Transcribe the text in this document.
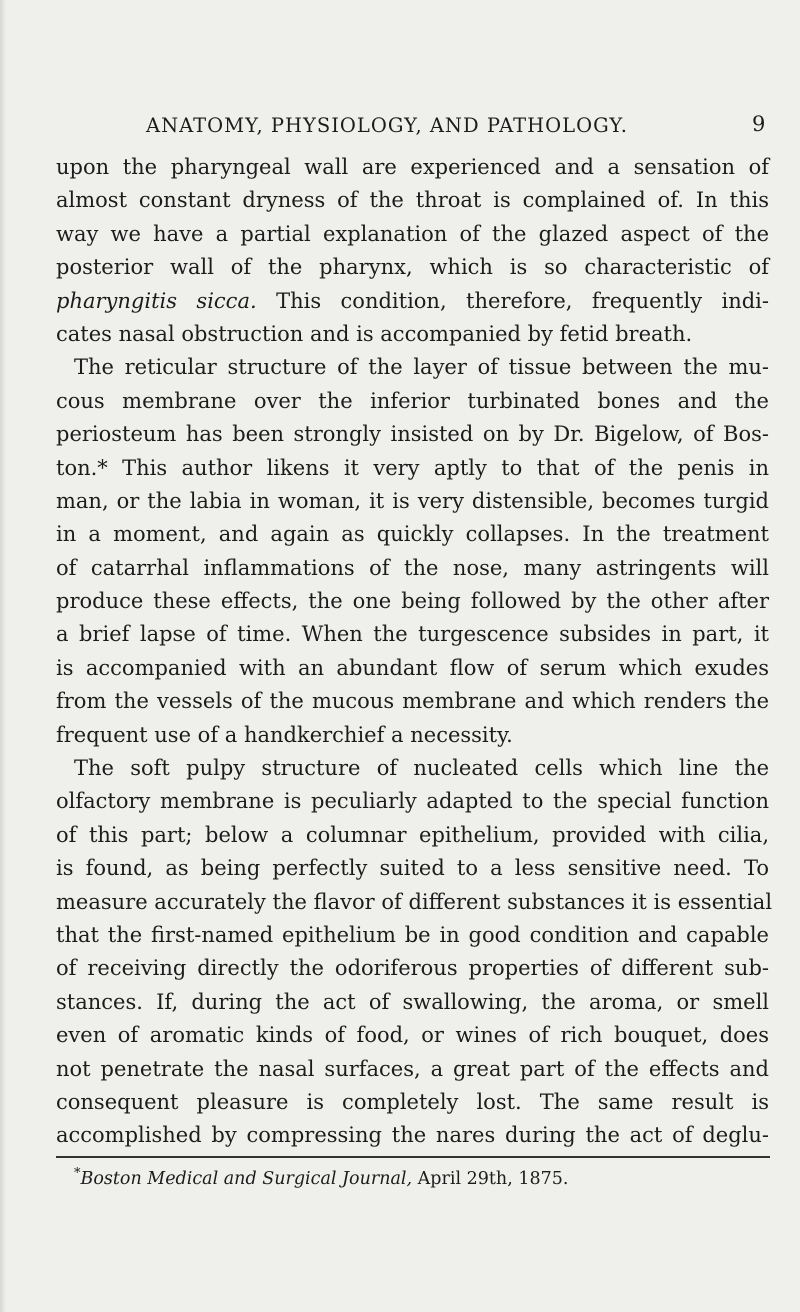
ANATOMY, PHYSIOLOGY, AND PATHOLOGY.	9
upon the pharyngeal wall are experienced and a sensation of
almost constant dryness of the throat is complained of. In this
way we have a partial explanation of the glazed aspect of the
posterior wall of the pharynx, which is so characteristic of
pharyngitis sicca. This condition, therefore, frequently indi-
cates nasal obstruction and is accompanied by fetid breath.
The reticular structure of the layer of tissue between the mu-
cous membrane over the inferior turbinated bones and the
periosteum has been strongly insisted on by Dr. Bigelow, of Bos-
ton.* This author likens it very aptly to that of the penis in
man, or the labia in woman, it is very distensible, becomes turgid
in a moment, and again as quickly collapses. In the treatment
of catarrhal inflammations of the nose, many astringents will
produce these effects, the one being followed by the other after
a brief lapse of time. When the turgescence subsides in part, it
is accompanied with an abundant flow of serum which exudes
from the vessels of the mucous membrane and which renders the
frequent use of a handkerchief a necessity.
The soft pulpy structure of nucleated cells which line the
olfactory membrane is peculiarly adapted to the special function
of this part; below a columnar epithelium, provided with cilia,
is found, as being perfectly suited to a less sensitive need. To
measure accurately the flavor of different substances it is essential
that the first-named epithelium be in good condition and capable
of receiving directly the odoriferous properties of different sub-
stances. If, during the act of swallowing, the aroma, or smell
even of aromatic kinds of food, or wines of rich bouquet, does
not penetrate the nasal surfaces, a great part of the effects and
consequent pleasure is completely lost. The same result is
accomplished by compressing the nares during the act of deglu-
*Boston Medical and Surgical Journal, April 29th, 1875.
